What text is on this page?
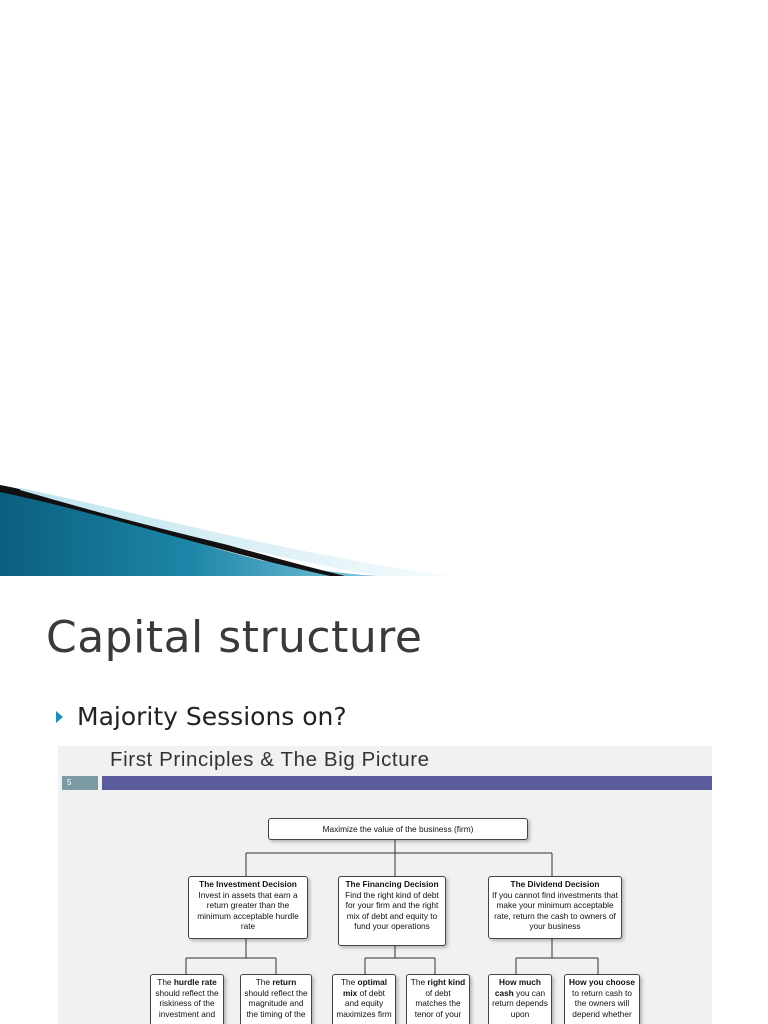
Capital structure
Majority Sessions on?
First Principles & The Big Picture
5
Maximize the value of the business (firm)
The Investment Decision
Invest in assets that earn a return greater than the minimum acceptable hurdle rate
The Financing Decision
Find the right kind of debt for your firm and the right mix of debt and equity to fund your operations
The Dividend Decision
If you cannot find investments that make your minimum acceptable rate, return the cash to owners of your business
The hurdle rate should reflect the riskiness of the investment and
The return should reflect the magnitude and the timing of the
The optimal mix of debt and equity maximizes firm
The right kind of debt matches the tenor of your
How much cash you can return depends upon
How you choose to return cash to the owners will depend whether
